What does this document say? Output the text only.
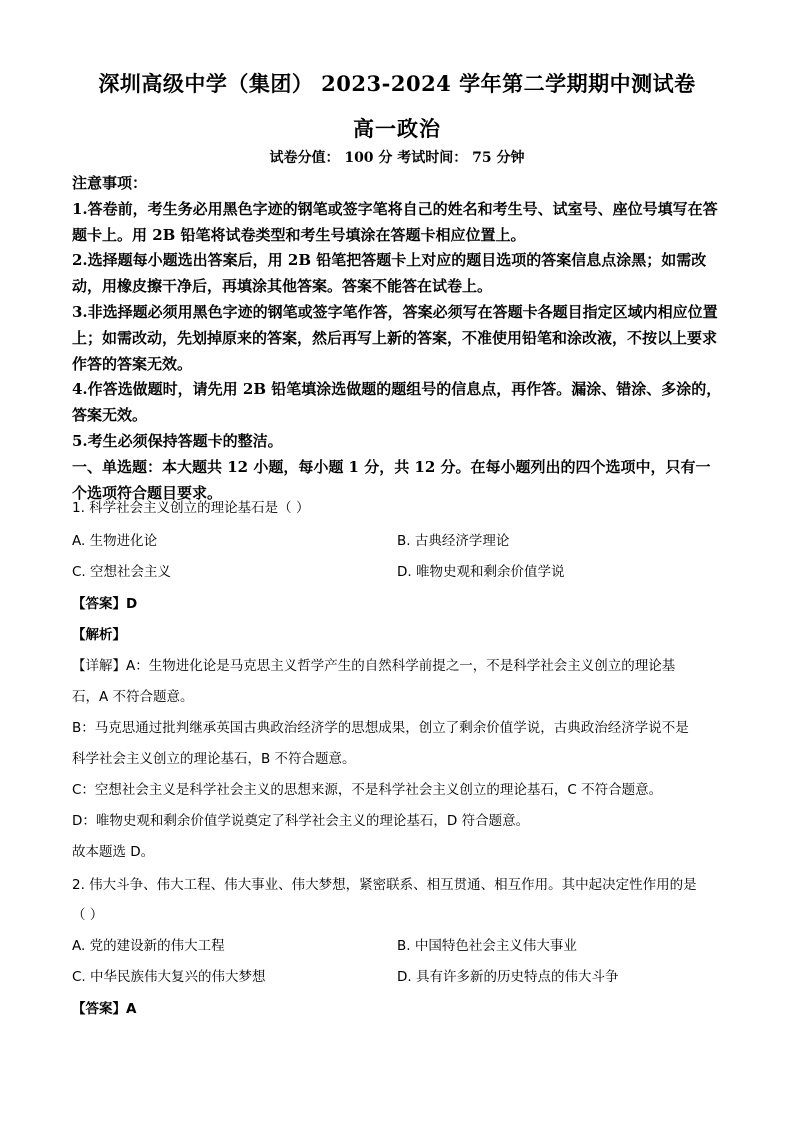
深圳高级中学（集团） 2023-2024 学年第二学期期中测试卷
高一政治
试卷分值： 100 分 考试时间： 75 分钟

注意事项：

1.答卷前，考生务必用黑色字迹的钢笔或签字笔将自己的姓名和考生号、试室号、座位号填写在答题卡上。用 2B 铅笔将试卷类型和考生号填涂在答题卡相应位置上。

2.选择题每小题选出答案后，用 2B 铅笔把答题卡上对应的题目选项的答案信息点涂黑；如需改动，用橡皮擦干净后，再填涂其他答案。答案不能答在试卷上。

3.非选择题必须用黑色字迹的钢笔或签字笔作答，答案必须写在答题卡各题目指定区域内相应位置上；如需改动，先划掉原来的答案，然后再写上新的答案，不准使用铅笔和涂改液，不按以上要求作答的答案无效。

4.作答选做题时，请先用 2B 铅笔填涂选做题的题组号的信息点，再作答。漏涂、错涂、多涂的，答案无效。

5.考生必须保持答题卡的整洁。

一、单选题：本大题共 12 小题，每小题 1 分，共 12 分。在每小题列出的四个选项中，只有一个选项符合题目要求。

1. 科学社会主义创立的理论基石是（ ）
A. 生物进化论	B. 古典经济学理论
C. 空想社会主义	D. 唯物史观和剩余价值学说
【答案】D
【解析】
【详解】A：生物进化论是马克思主义哲学产生的自然科学前提之一，不是科学社会主义创立的理论基
石，A 不符合题意。
B：马克思通过批判继承英国古典政治经济学的思想成果，创立了剩余价值学说，古典政治经济学说不是
科学社会主义创立的理论基石，B 不符合题意。
C：空想社会主义是科学社会主义的思想来源，不是科学社会主义创立的理论基石，C 不符合题意。
D：唯物史观和剩余价值学说奠定了科学社会主义的理论基石，D 符合题意。
故本题选 D。
2. 伟大斗争、伟大工程、伟大事业、伟大梦想，紧密联系、相互贯通、相互作用。其中起决定性作用的是
（ ）
A. 党的建设新的伟大工程	B. 中国特色社会主义伟大事业
C. 中华民族伟大复兴的伟大梦想	D. 具有许多新的历史特点的伟大斗争
【答案】A
